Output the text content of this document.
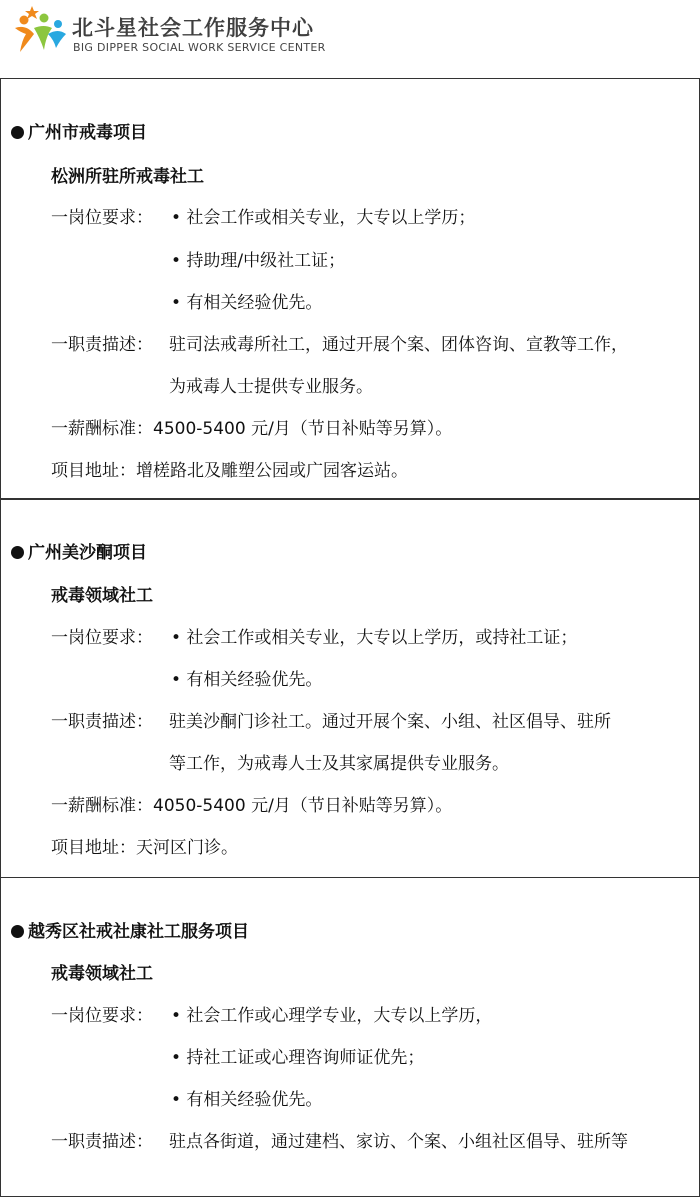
北斗星社会工作服务中心
BIG DIPPER SOCIAL WORK SERVICE CENTER
广州市戒毒项目
松洲所驻所戒毒社工
一岗位要求： • 社会工作或相关专业，大专以上学历；
• 持助理/中级社工证；
• 有相关经验优先。
一职责描述： 驻司法戒毒所社工，通过开展个案、团体咨询、宣教等工作，
为戒毒人士提供专业服务。
一薪酬标准：4500-5400 元/月（节日补贴等另算）。
项目地址：增槎路北及雕塑公园或广园客运站。
广州美沙酮项目
戒毒领域社工
一岗位要求： • 社会工作或相关专业，大专以上学历，或持社工证；
• 有相关经验优先。
一职责描述： 驻美沙酮门诊社工。通过开展个案、小组、社区倡导、驻所
等工作，为戒毒人士及其家属提供专业服务。
一薪酬标准：4050-5400 元/月（节日补贴等另算）。
项目地址：天河区门诊。
越秀区社戒社康社工服务项目
戒毒领域社工
一岗位要求： • 社会工作或心理学专业，大专以上学历，
• 持社工证或心理咨询师证优先；
• 有相关经验优先。
一职责描述： 驻点各街道，通过建档、家访、个案、小组社区倡导、驻所等
